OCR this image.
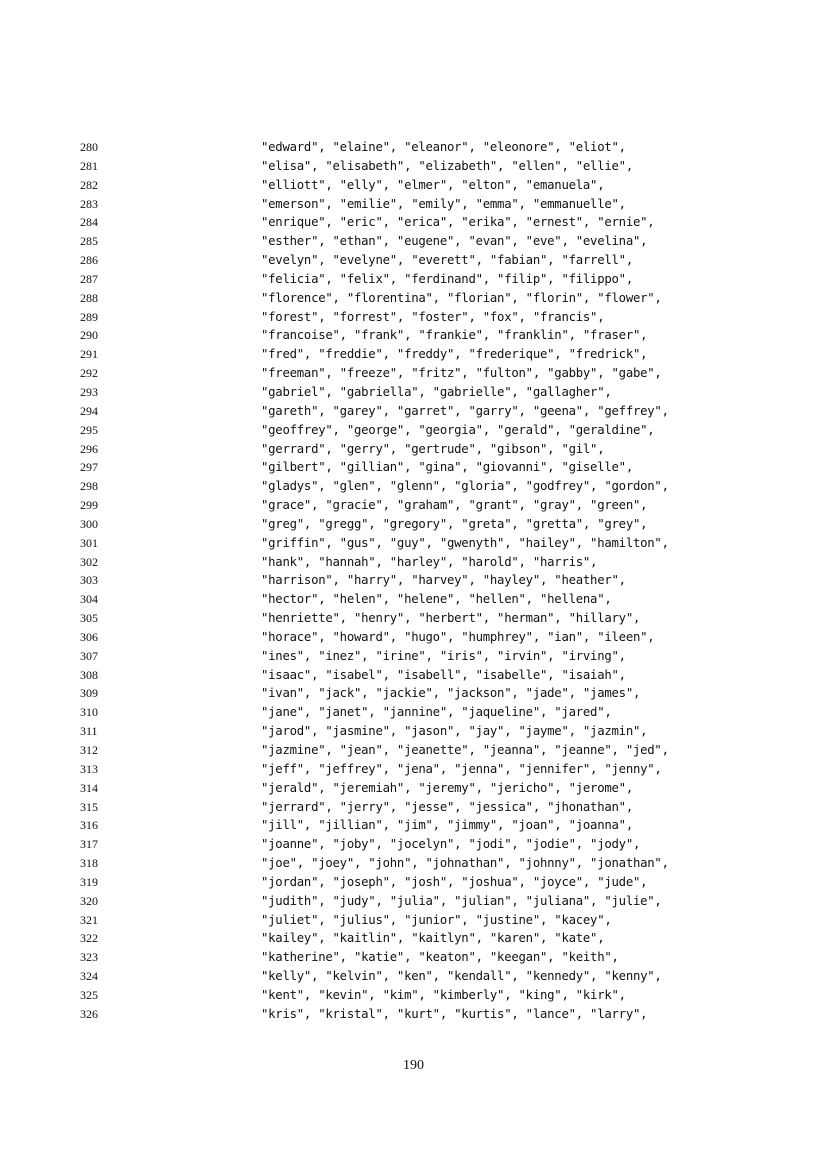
280	"edward", "elaine", "eleanor", "eleonore", "eliot",
281	"elisa", "elisabeth", "elizabeth", "ellen", "ellie",
282	"elliott", "elly", "elmer", "elton", "emanuela",
283	"emerson", "emilie", "emily", "emma", "emmanuelle",
284	"enrique", "eric", "erica", "erika", "ernest", "ernie",
285	"esther", "ethan", "eugene", "evan", "eve", "evelina",
286	"evelyn", "evelyne", "everett", "fabian", "farrell",
287	"felicia", "felix", "ferdinand", "filip", "filippo",
288	"florence", "florentina", "florian", "florin", "flower",
289	"forest", "forrest", "foster", "fox", "francis",
290	"francoise", "frank", "frankie", "franklin", "fraser",
291	"fred", "freddie", "freddy", "frederique", "fredrick",
292	"freeman", "freeze", "fritz", "fulton", "gabby", "gabe",
293	"gabriel", "gabriella", "gabrielle", "gallagher",
294	"gareth", "garey", "garret", "garry", "geena", "geffrey",
295	"geoffrey", "george", "georgia", "gerald", "geraldine",
296	"gerrard", "gerry", "gertrude", "gibson", "gil",
297	"gilbert", "gillian", "gina", "giovanni", "giselle",
298	"gladys", "glen", "glenn", "gloria", "godfrey", "gordon",
299	"grace", "gracie", "graham", "grant", "gray", "green",
300	"greg", "gregg", "gregory", "greta", "gretta", "grey",
301	"griffin", "gus", "guy", "gwenyth", "hailey", "hamilton",
302	"hank", "hannah", "harley", "harold", "harris",
303	"harrison", "harry", "harvey", "hayley", "heather",
304	"hector", "helen", "helene", "hellen", "hellena",
305	"henriette", "henry", "herbert", "herman", "hillary",
306	"horace", "howard", "hugo", "humphrey", "ian", "ileen",
307	"ines", "inez", "irine", "iris", "irvin", "irving",
308	"isaac", "isabel", "isabell", "isabelle", "isaiah",
309	"ivan", "jack", "jackie", "jackson", "jade", "james",
310	"jane", "janet", "jannine", "jaqueline", "jared",
311	"jarod", "jasmine", "jason", "jay", "jayme", "jazmin",
312	"jazmine", "jean", "jeanette", "jeanna", "jeanne", "jed",
313	"jeff", "jeffrey", "jena", "jenna", "jennifer", "jenny",
314	"jerald", "jeremiah", "jeremy", "jericho", "jerome",
315	"jerrard", "jerry", "jesse", "jessica", "jhonathan",
316	"jill", "jillian", "jim", "jimmy", "joan", "joanna",
317	"joanne", "joby", "jocelyn", "jodi", "jodie", "jody",
318	"joe", "joey", "john", "johnathan", "johnny", "jonathan",
319	"jordan", "joseph", "josh", "joshua", "joyce", "jude",
320	"judith", "judy", "julia", "julian", "juliana", "julie",
321	"juliet", "julius", "junior", "justine", "kacey",
322	"kailey", "kaitlin", "kaitlyn", "karen", "kate",
323	"katherine", "katie", "keaton", "keegan", "keith",
324	"kelly", "kelvin", "ken", "kendall", "kennedy", "kenny",
325	"kent", "kevin", "kim", "kimberly", "king", "kirk",
326	"kris", "kristal", "kurt", "kurtis", "lance", "larry",
190
